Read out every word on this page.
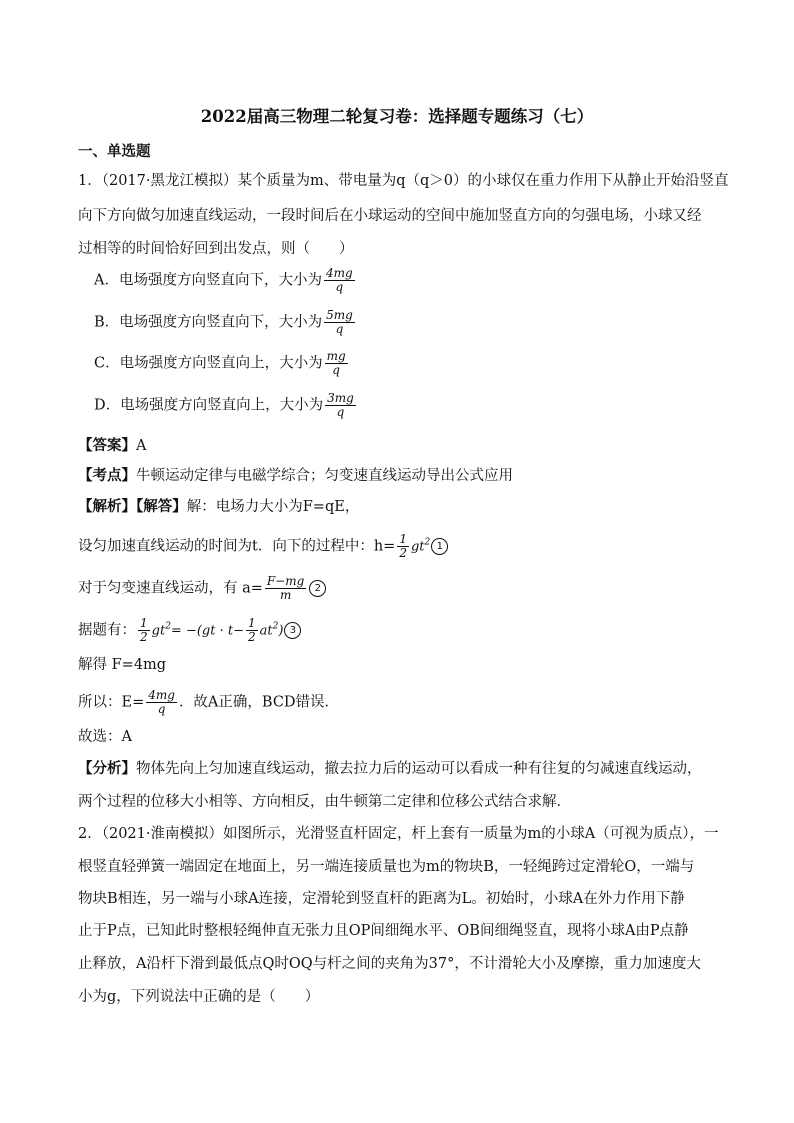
2022届高三物理二轮复习卷：选择题专题练习（七）
一、单选题
1．（2017·黑龙江模拟）某个质量为m、带电量为q（q＞0）的小球仅在重力作用下从静止开始沿竖直
向下方向做匀加速直线运动，一段时间后在小球运动的空间中施加竖直方向的匀强电场，小球又经
过相等的时间恰好回到出发点，则（　　）
A．电场强度方向竖直向下，大小为 $\frac{4mg}{q}$
B．电场强度方向竖直向下，大小为 $\frac{5mg}{q}$
C．电场强度方向竖直向上，大小为 $\frac{mg}{q}$
D．电场强度方向竖直向上，大小为 $\frac{3mg}{q}$
【答案】A
【考点】牛顿运动定律与电磁学综合；匀变速直线运动导出公式应用
【解析】【解答】解：电场力大小为F=qE，
设匀加速直线运动的时间为t．向下的过程中：$h= \frac{1}{2} gt^2$ 1
对于匀变速直线运动，有 $a= \frac{F-mg}{m} 2$
据题有： $\frac{1}{2} gt^2= -(gt \cdot t- \frac{1}{2} at^2)$ 3
解得 F=4mg
所以：$E= \frac{4mg}{q}$ ．故A正确，BCD错误．
故选：A
【分析】物体先向上匀加速直线运动，撤去拉力后的运动可以看成一种有往复的匀减速直线运动，
两个过程的位移大小相等、方向相反，由牛顿第二定律和位移公式结合求解．
2．（2021·淮南模拟）如图所示，光滑竖直杆固定，杆上套有一质量为m的小球A（可视为质点），一
根竖直轻弹簧一端固定在地面上，另一端连接质量也为m的物块B，一轻绳跨过定滑轮O，一端与
物块B相连，另一端与小球A连接，定滑轮到竖直杆的距离为L。初始时，小球A在外力作用下静
止于P点，已知此时整根轻绳伸直无张力且OP间细绳水平、OB间细绳竖直，现将小球A由P点静
止释放，A沿杆下滑到最低点Q时OQ与杆之间的夹角为37°，不计滑轮大小及摩擦，重力加速度大
小为g，下列说法中正确的是（　　）
